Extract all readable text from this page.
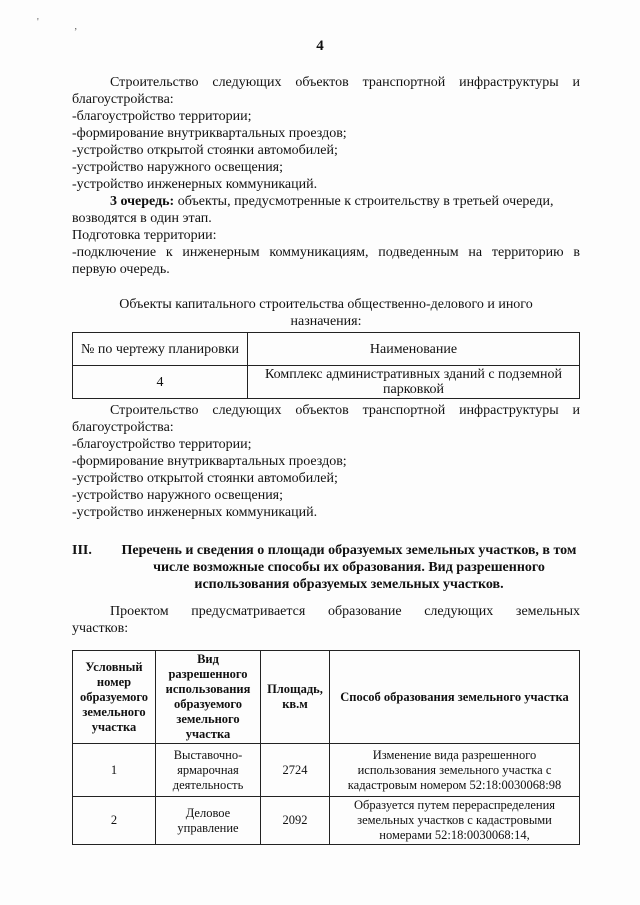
'	‚
4

Строительство следующих объектов транспортной инфраструктуры и благоустройства:

-благоустройство территории;

-формирование внутриквартальных проездов;

-устройство открытой стоянки автомобилей;

-устройство наружного освещения;

-устройство инженерных коммуникаций.

3 очередь: объекты, предусмотренные к строительству в третьей очереди,

возводятся в один этап.

Подготовка территории:

-подключение к инженерным коммуникациям, подведенным на территорию в

первую очередь.

Объекты капитального строительства общественно-делового и иного

назначения:

№ по чертежу планировки	Наименование
4	Комплекс административных зданий с подземной парковкой

Строительство следующих объектов транспортной инфраструктуры и

благоустройства:

-благоустройство территории;

-формирование внутриквартальных проездов;

-устройство открытой стоянки автомобилей;

-устройство наружного освещения;

-устройство инженерных коммуникаций.

III.	Перечень и сведения о площади образуемых земельных участков, в том числе возможные способы их образования. Вид разрешенного использования образуемых земельных участков.

Проектом предусматривается образование следующих земельных

участков:

Условный номер образуемого земельного участка	Вид разрешенного использования образуемого земельного участка	Площадь, кв.м	Способ образования земельного участка
1	Выставочно-ярмарочная деятельность	2724	Изменение вида разрешенного использования земельного участка с кадастровым номером 52:18:0030068:98
2	Деловое управление	2092	Образуется путем перераспределения земельных участков с кадастровыми номерами 52:18:0030068:14,
